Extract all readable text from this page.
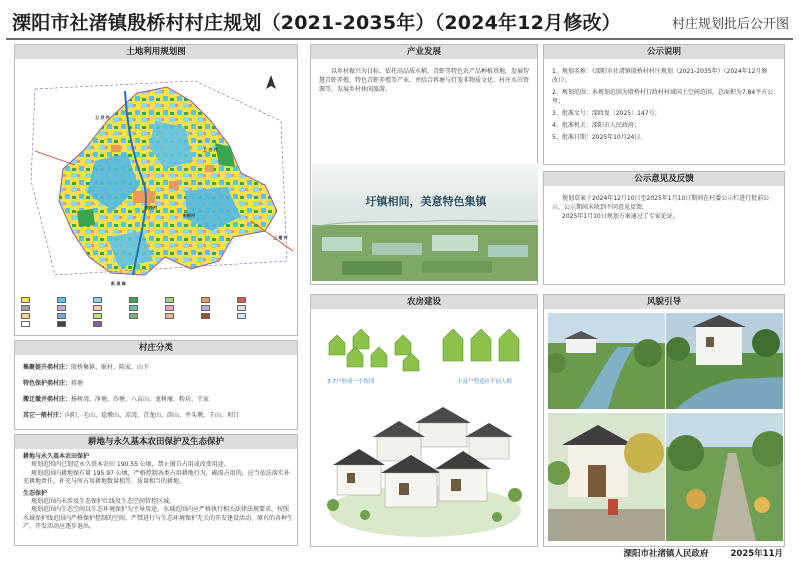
溧阳市社渚镇殷桥村村庄规划（2021-2035年）（2024年12月修改）	村庄规划批后公开图
土地利用规划图
卫 洪 村
殷桥村
殷桥村
上 白 村
新 溪 镇
上 塘 村
产业发展
以乡村振兴为目标，依托高品质水稻、青虾等特色农产品种植基地，发展智慧青虾养殖、特色青虾养殖等产业，并结合蒋塘与灯笼非物质文化、村庄水田资源等，发展乡村休闲旅游。
圩镇相间，美意特色集镇
公示说明

1、规划名称：《溧阳市社渚镇殷桥村村庄规划（2021-2035年）（2024年12月修改）》；

2、规划范围：本规划范围为殷桥村行政村村域国土空间范围，总面积为7.84平方公里；

3、批准文号：溧政复〔2025〕147号；

4、批准机关：溧阳市人民政府；

5、批准日期：2025年10月24日。

公示意见及反馈
规划草案于2024年12月10日至2025年1月10日期间在村委公示栏进行批前公示，公示期间未收到不同意见反馈。
2025年1月10日规划方案通过了专家论证。
村庄分类
集聚提升类村庄：殷桥集镇、耿村、陈家、山下
特色保护类村庄：蒋塘
搬迁撤并类村庄：杨树湾、净塘、沙塘、八亩山、龙树庵、粉坊、王家
其它一般村庄：向阳、毛山、埝墩山、凉湾、青龙山、荫山、井头墩、王山、坝口
耕地与永久基本农田保护及生态保护
耕地与永久基本农田保护
规划范围内已划定永久基本农田 190.55 公顷，禁止擅自占用或改变用途。
规划范围内耕地保有量 195.97 公顷，严格控制各类占用耕地行为，确需占用的，应当依法落实补充耕地责任，补充与所占用耕地数量相等、质量相当的耕地。
生态保护
规划范围内未涉及生态保护红线及生态空间管控区域。
规划范围内生态空间以生态环境保护为主导用途，水域范围内应严格执行相关法律法规要求，按照水域保护线范围内严格保护控制的空间。严禁进行与生态环境保护无关的开发建设活动，原有的各种生产、开发活动应逐步退出。
农房建设
3-7户形成一个组团	丰富户型适应不同人群
风貌引导
溧阳市社渚镇人民政府	2025年11月
